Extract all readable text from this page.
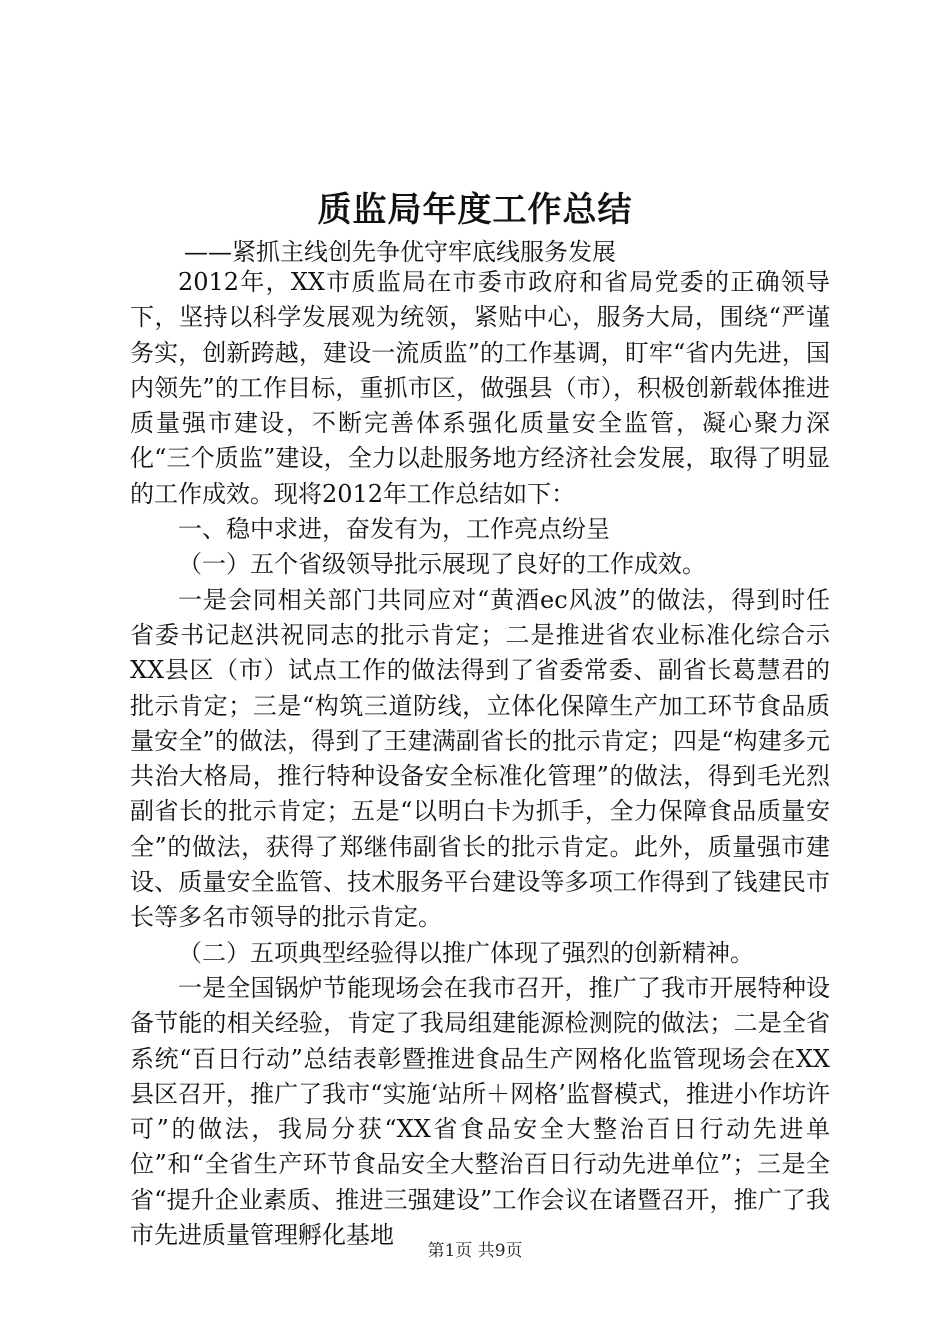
质监局年度工作总结
——紧抓主线创先争优守牢底线服务发展

2012年，XX市质监局在市委市政府和省局党委的正确领导下，坚持以科学发展观为统领，紧贴中心，服务大局，围绕“严谨务实，创新跨越，建设一流质监”的工作基调，盯牢“省内先进，国内领先”的工作目标，重抓市区，做强县（市），积极创新载体推进质量强市建设，不断完善体系强化质量安全监管，凝心聚力深化“三个质监”建设，全力以赴服务地方经济社会发展，取得了明显的工作成效。现将2012年工作总结如下：

一、稳中求进，奋发有为，工作亮点纷呈

（一）五个省级领导批示展现了良好的工作成效。

一是会同相关部门共同应对“黄酒ec风波”的做法，得到时任省委书记赵洪祝同志的批示肯定；二是推进省农业标准化综合示XX县区（市）试点工作的做法得到了省委常委、副省长葛慧君的批示肯定；三是“构筑三道防线，立体化保障生产加工环节食品质量安全”的做法，得到了王建满副省长的批示肯定；四是“构建多元共治大格局，推行特种设备安全标准化管理”的做法，得到毛光烈副省长的批示肯定；五是“以明白卡为抓手，全力保障食品质量安全”的做法，获得了郑继伟副省长的批示肯定。此外，质量强市建设、质量安全监管、技术服务平台建设等多项工作得到了钱建民市长等多名市领导的批示肯定。

（二）五项典型经验得以推广体现了强烈的创新精神。

一是全国锅炉节能现场会在我市召开，推广了我市开展特种设备节能的相关经验，肯定了我局组建能源检测院的做法；二是全省系统“百日行动”总结表彰暨推进食品生产网格化监管现场会在XX县区召开，推广了我市“实施‘站所＋网格’监督模式，推进小作坊许可”的做法，我局分获“XX省食品安全大整治百日行动先进单位”和“全省生产环节食品安全大整治百日行动先进单位”；三是全省“提升企业素质、推进三强建设”工作会议在诸暨召开，推广了我市先进质量管理孵化基地

第1页 共9页
